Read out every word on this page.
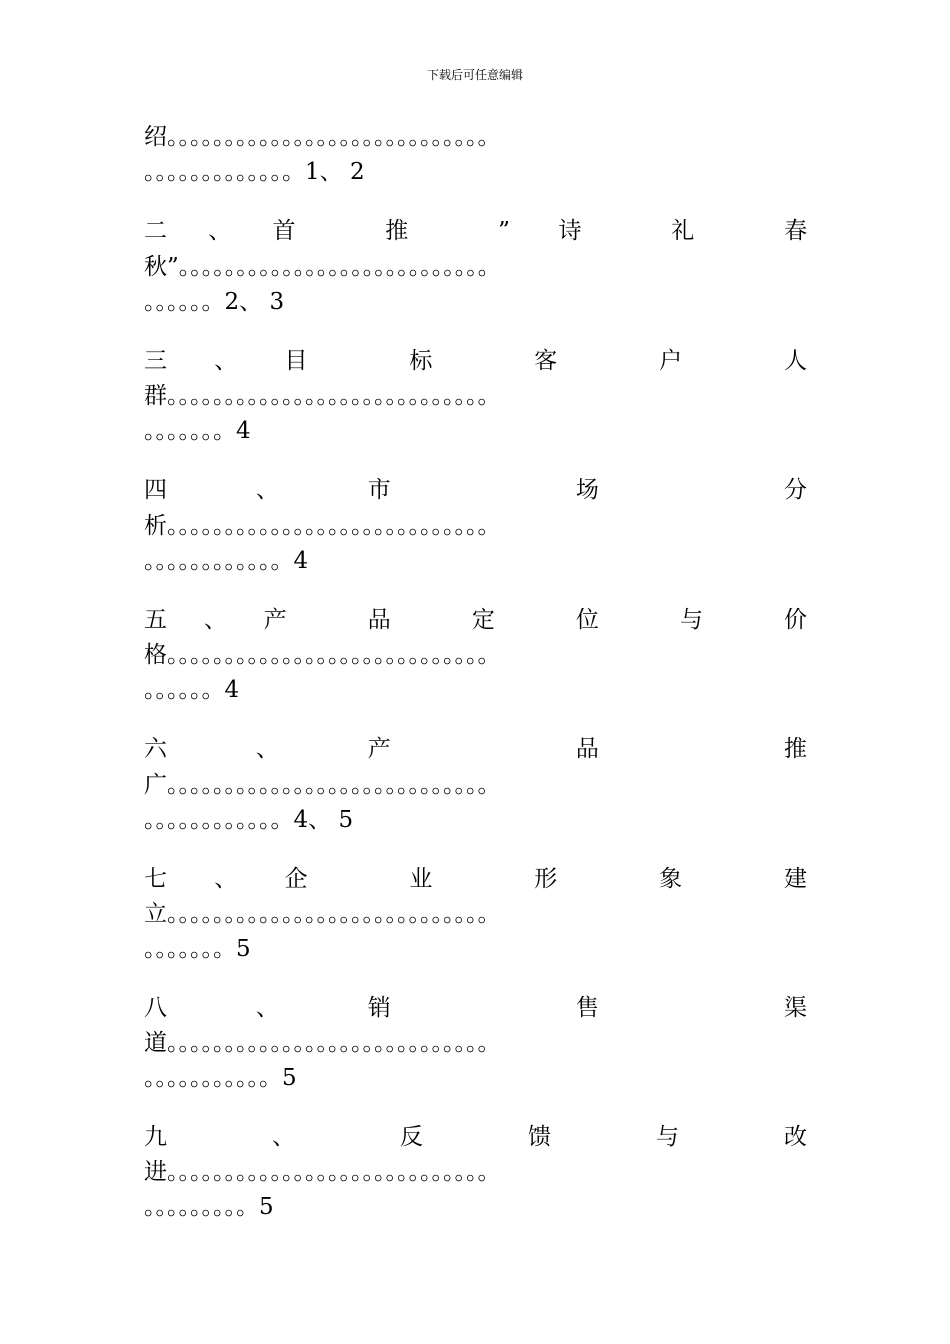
下载后可任意编辑
绍。。。。。。。。。。。。。。。。。。。。。。。。。。。。
。。。。。。。。。。。。。1、 2
二、首 推 ” 诗 礼 春
秋”。。。。。。。。。。。。。。。。。。。。。。。。。。。
。。。。。。2、 3
三、目 标 客 户 人
群。。。。。。。。。。。。。。。。。。。。。。。。。。。。
。。。。。。。4
四、市	场	分
析。。。。。。。。。。。。。。。。。。。。。。。。。。。。
。。。。。。。。。。。。4
五、产 品 定 位 与 价
格。。。。。。。。。。。。。。。。。。。。。。。。。。。。
。。。。。。4
六、产	品	推
广。。。。。。。。。。。。。。。。。。。。。。。。。。。。
。。。。。。。。。。。。4、 5
七、企 业 形 象 建
立。。。。。。。。。。。。。。。。。。。。。。。。。。。。
。。。。。。。5
八、销	售	渠
道。。。。。。。。。。。。。。。。。。。。。。。。。。。。
。。。。。。。。。。。5
九 、 反 馈 与 改
进。。。。。。。。。。。。。。。。。。。。。。。。。。。。
。。。。。。。。。5
